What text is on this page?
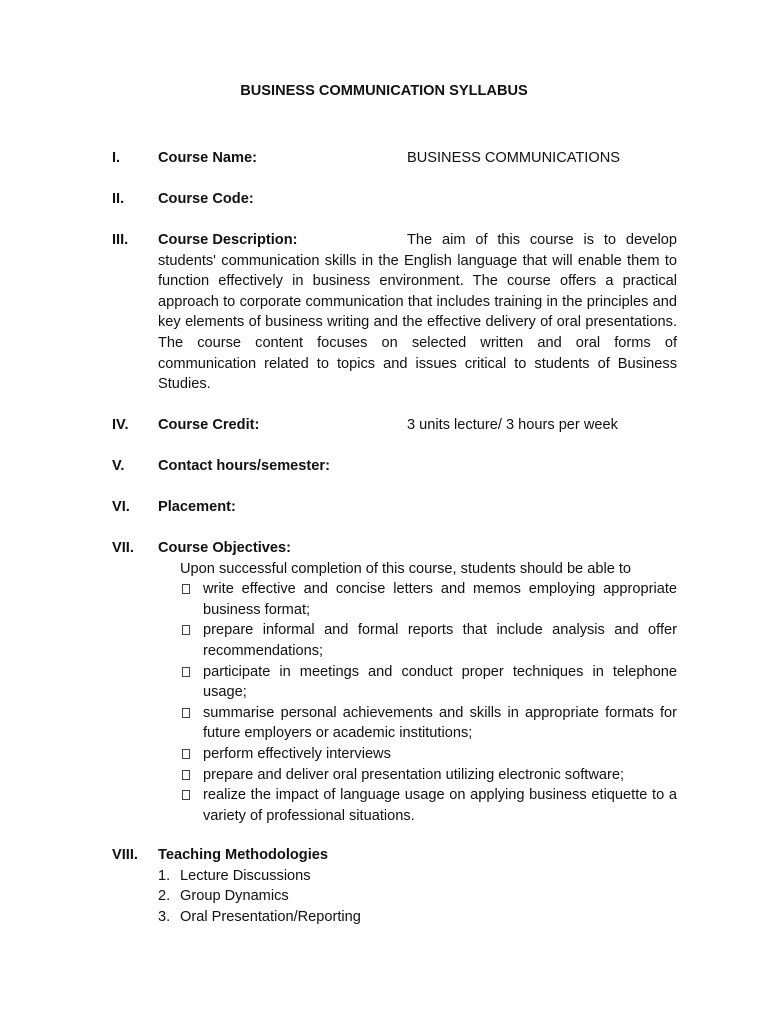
BUSINESS COMMUNICATION SYLLABUS
I.	Course Name:	BUSINESS COMMUNICATIONS
II. Course Code:
III. Course Description:	The aim of this course is to develop students' communication skills in the English language that will enable them to function effectively in business environment. The course offers a practical approach to corporate communication that includes training in the principles and key elements of business writing and the effective delivery of oral presentations. The course content focuses on selected written and oral forms of communication related to topics and issues critical to students of Business Studies.

IV. Course Credit:	3 units lecture/ 3 hours per week
V. Contact hours/semester:
VI. Placement:
VII. Course Objectives:
Upon successful completion of this course, students should be able to
write effective and concise letters and memos employing appropriate business format;
prepare informal and formal reports that include analysis and offer recommendations;
participate in meetings and conduct proper techniques in telephone usage;
summarise personal achievements and skills in appropriate formats for future employers or academic institutions;
perform effectively interviews
prepare and deliver oral presentation utilizing electronic software;
realize the impact of language usage on applying business etiquette to a variety of professional situations.
VIII. Teaching Methodologies
1. Lecture Discussions
2. Group Dynamics
3. Oral Presentation/Reporting
